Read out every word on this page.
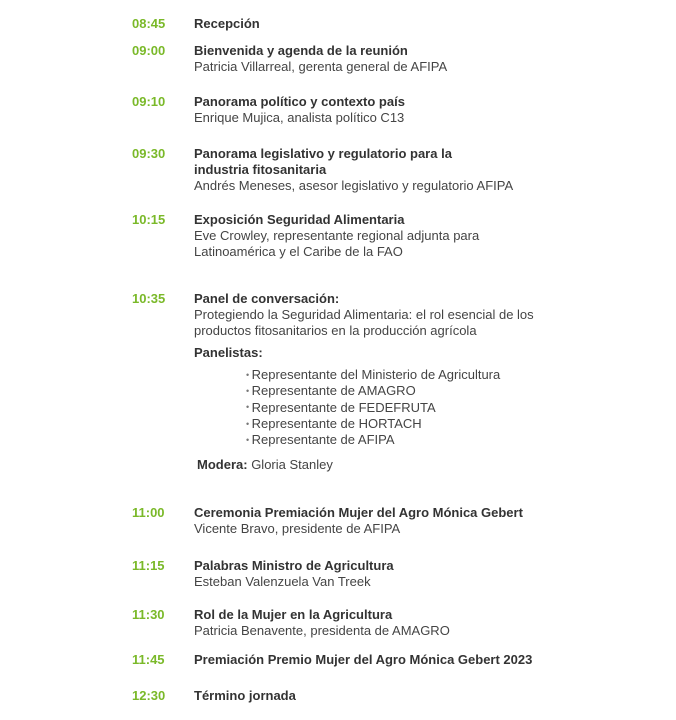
08:45 Recepción
09:00 Bienvenida y agenda de la reunión
Patricia Villarreal, gerenta general de AFIPA
09:10 Panorama político y contexto país
Enrique Mujica, analista político C13
09:30 Panorama legislativo y regulatorio para la industria fitosanitaria
Andrés Meneses, asesor legislativo y regulatorio AFIPA
10:15 Exposición Seguridad Alimentaria
Eve Crowley, representante regional adjunta para Latinoamérica y el Caribe de la FAO
10:35 Panel de conversación:
Protegiendo la Seguridad Alimentaria: el rol esencial de los productos fitosanitarios en la producción agrícola
Panelistas:
• Representante del Ministerio de Agricultura
• Representante de AMAGRO
• Representante de FEDEFRUTA
• Representante de HORTACH
• Representante de AFIPA
Modera: Gloria Stanley
11:00 Ceremonia Premiación Mujer del Agro Mónica Gebert
Vicente Bravo, presidente de AFIPA
11:15 Palabras Ministro de Agricultura
Esteban Valenzuela Van Treek
11:30 Rol de la Mujer en la Agricultura
Patricia Benavente, presidenta de AMAGRO
11:45 Premiación Premio Mujer del Agro Mónica Gebert 2023
12:30 Término jornada
